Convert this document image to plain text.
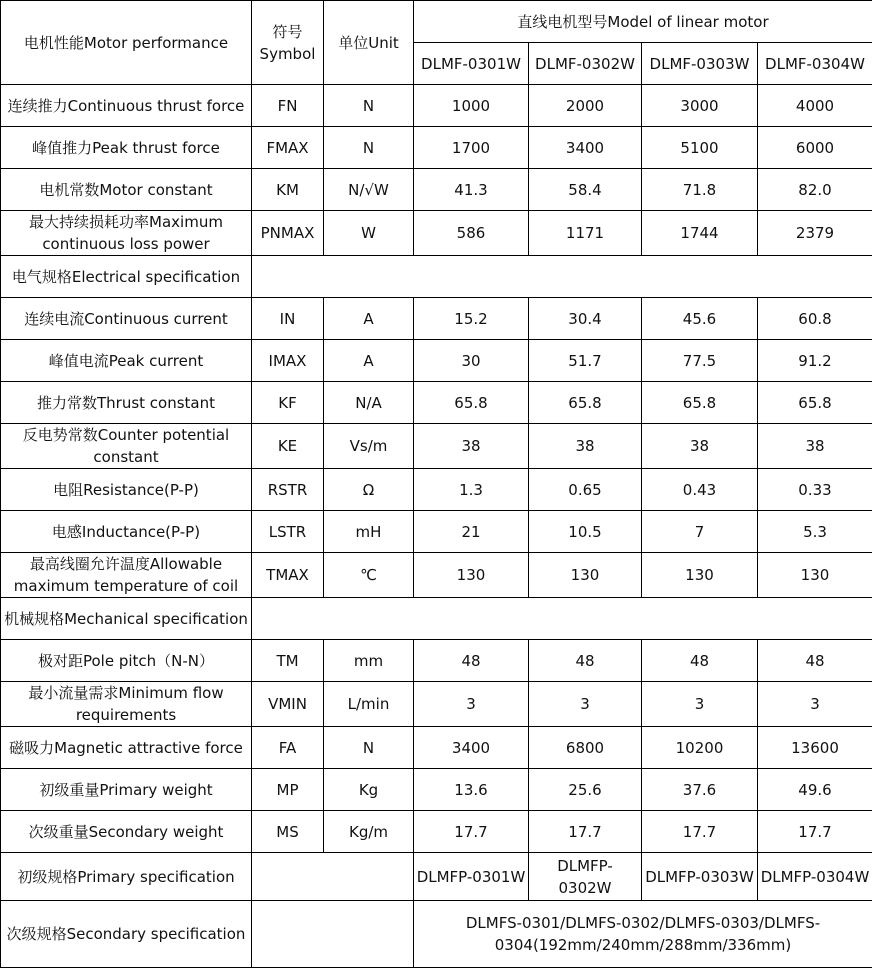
电机性能Motor performance	符号Symbol	单位Unit	直线电机型号Model of linear motor			
			DLMF-0301W	DLMF-0302W	DLMF-0303W	DLMF-0304W
连续推力Continuous thrust force	FN	N	1000	2000	3000	4000
峰值推力Peak thrust force	FMAX	N	1700	3400	5100	6000
电机常数Motor constant	KM	N/√W	41.3	58.4	71.8	82.0
最大持续损耗功率Maximum continuous loss power	PNMAX	W	586	1171	1744	2379
电气规格Electrical specification						
连续电流Continuous current	IN	A	15.2	30.4	45.6	60.8
峰值电流Peak current	IMAX	A	30	51.7	77.5	91.2
推力常数Thrust constant	KF	N/A	65.8	65.8	65.8	65.8
反电势常数Counter potential constant	KE	Vs/m	38	38	38	38
电阻Resistance(P-P)	RSTR	Ω	1.3	0.65	0.43	0.33
电感Inductance(P-P)	LSTR	mH	21	10.5	7	5.3
最高线圈允许温度Allowable maximum temperature of coil	TMAX	℃	130	130	130	130
机械规格Mechanical specification						
极对距Pole pitch（N-N）	TM	mm	48	48	48	48
最小流量需求Minimum flow requirements	VMIN	L/min	3	3	3	3
磁吸力Magnetic attractive force	FA	N	3400	6800	10200	13600
初级重量Primary weight	MP	Kg	13.6	25.6	37.6	49.6
次级重量Secondary weight	MS	Kg/m	17.7	17.7	17.7	17.7
初级规格Primary specification			DLMFP-0301W	DLMFP-0302W	DLMFP-0303W	DLMFP-0304W
次级规格Secondary specification			DLMFS-0301/DLMFS-0302/DLMFS-0303/DLMFS-0304(192mm/240mm/288mm/336mm)			
